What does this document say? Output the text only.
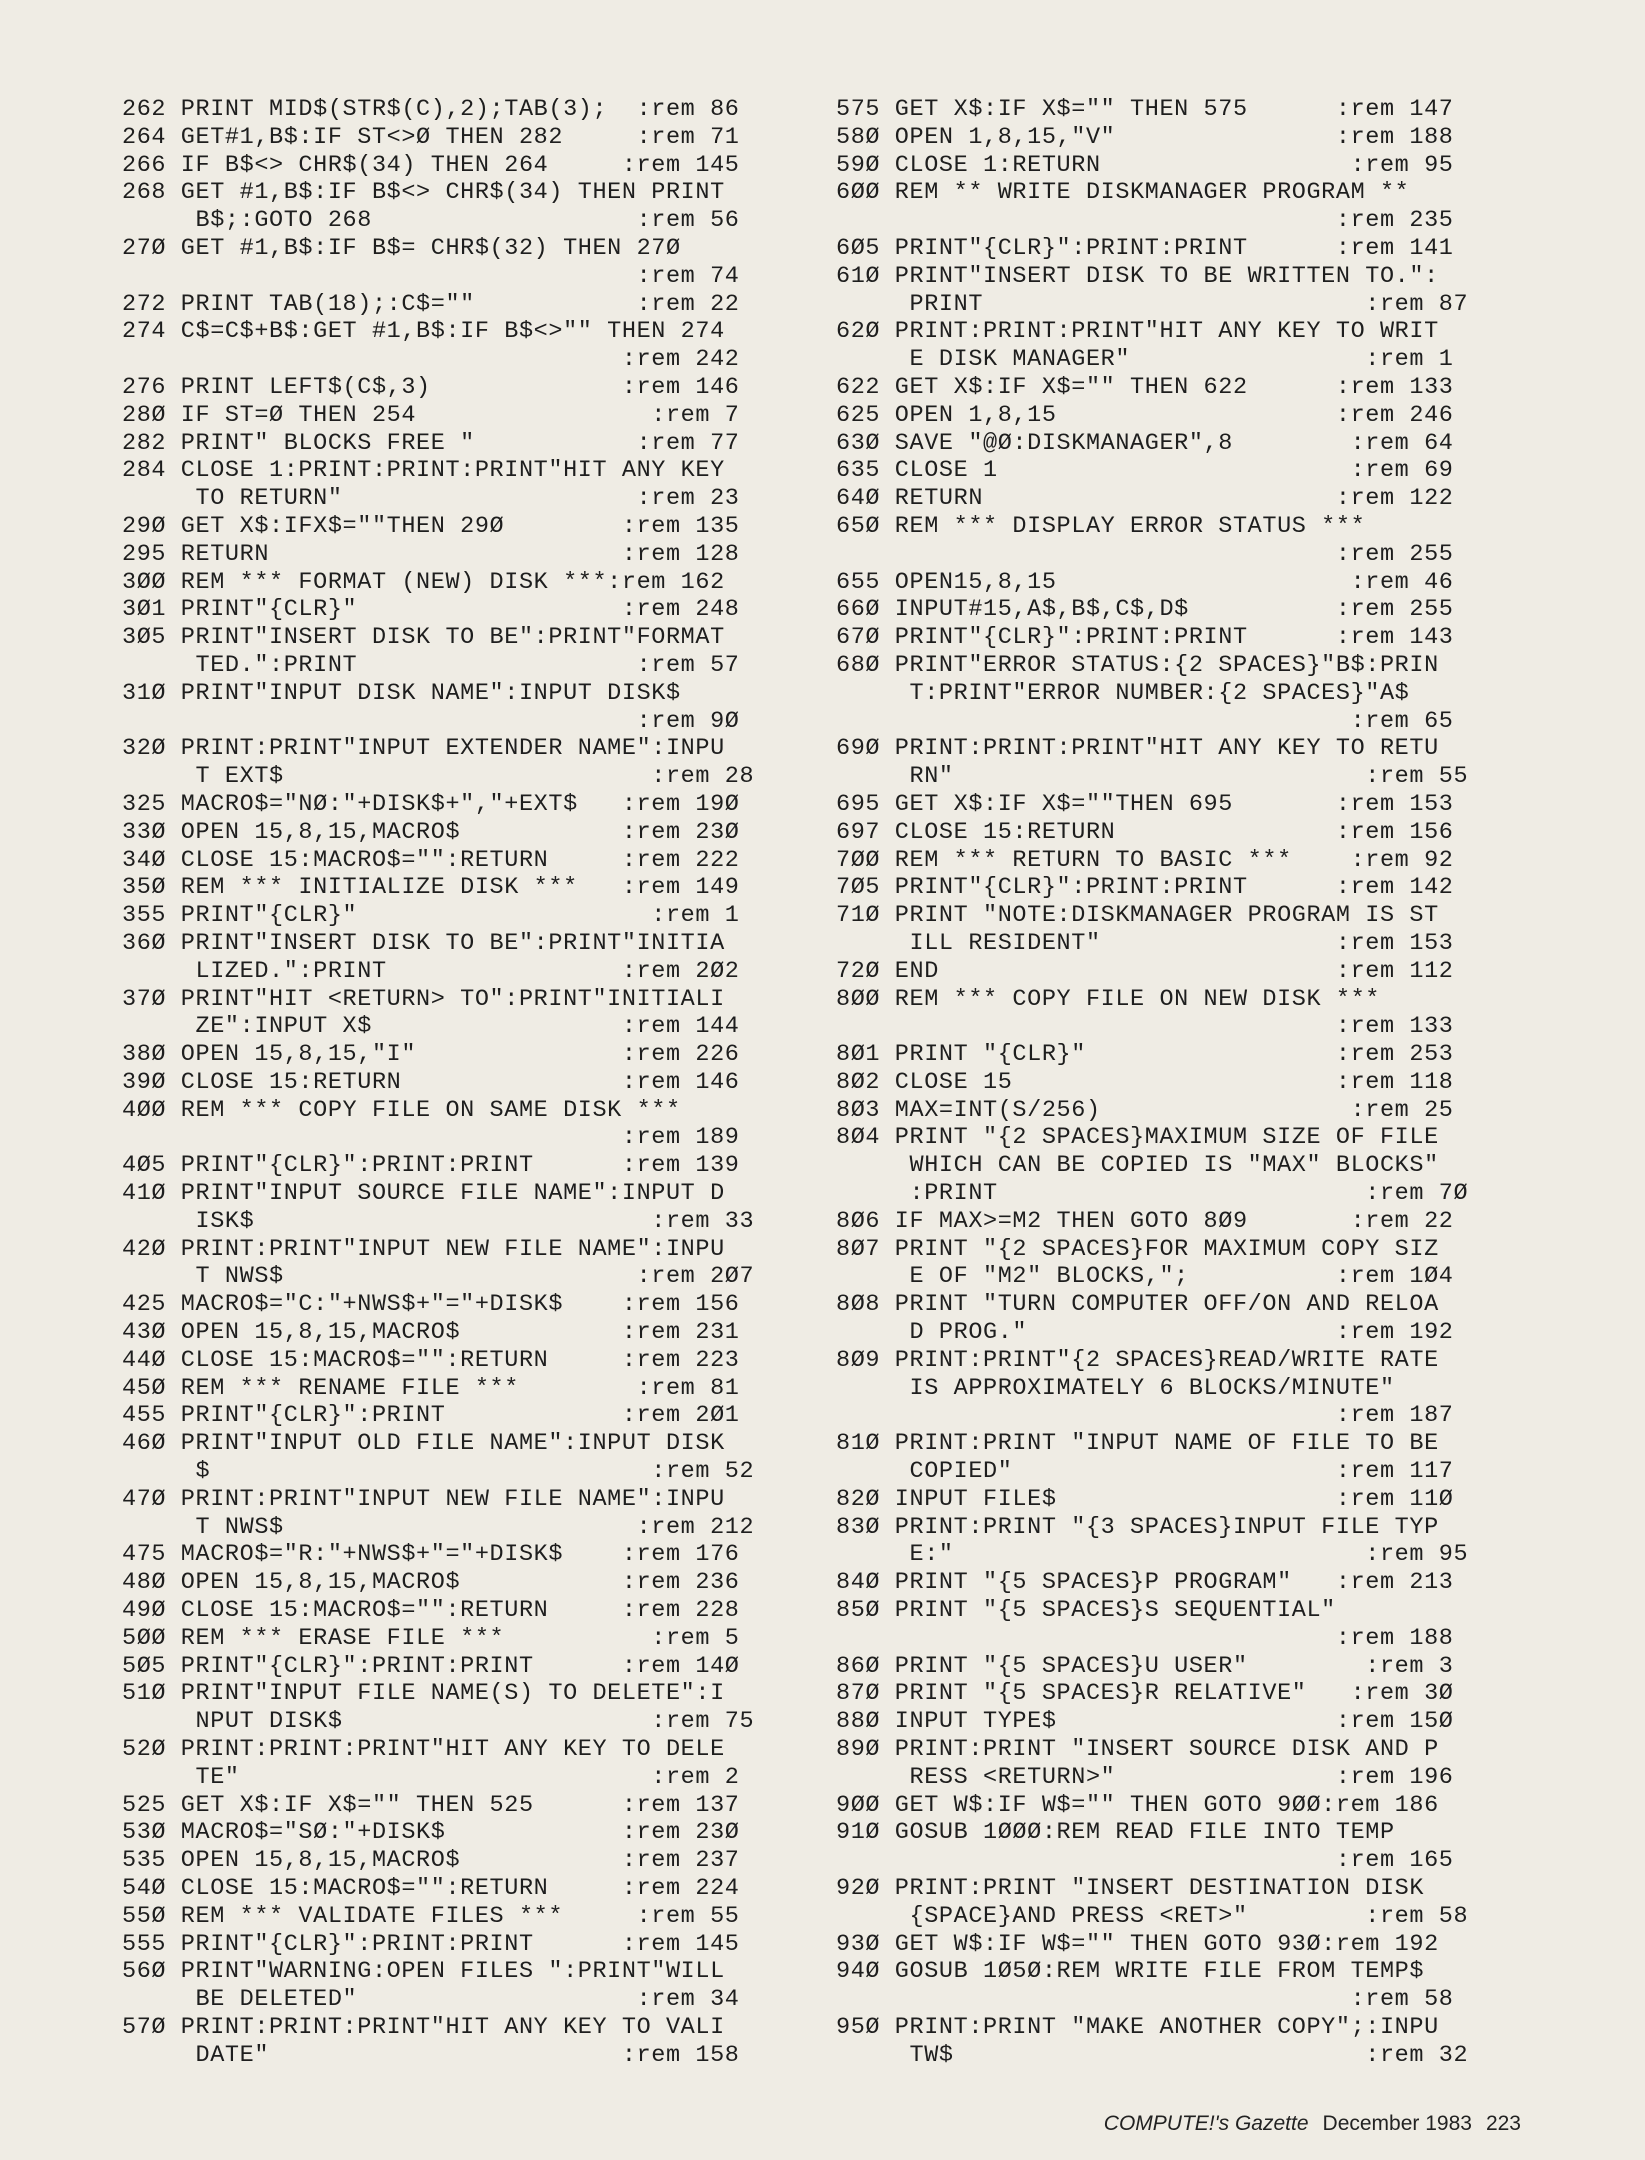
262 PRINT MID$(STR$(C),2);TAB(3);  :rem 86
264 GET#1,B$:IF ST<>Ø THEN 282     :rem 71
266 IF B$<> CHR$(34) THEN 264     :rem 145
268 GET #1,B$:IF B$<> CHR$(34) THEN PRINT
B$;:GOTO 268                  :rem 56
27Ø GET #1,B$:IF B$= CHR$(32) THEN 27Ø
:rem 74
272 PRINT TAB(18);:C$=""           :rem 22
274 C$=C$+B$:GET #1,B$:IF B$<>"" THEN 274
:rem 242
276 PRINT LEFT$(C$,3)             :rem 146
28Ø IF ST=Ø THEN 254                :rem 7
282 PRINT" BLOCKS FREE "           :rem 77
284 CLOSE 1:PRINT:PRINT:PRINT"HIT ANY KEY
TO RETURN"                    :rem 23
29Ø GET X$:IFX$=""THEN 29Ø        :rem 135
295 RETURN                        :rem 128
3ØØ REM *** FORMAT (NEW) DISK ***:rem 162
3Ø1 PRINT"{CLR}"                  :rem 248
3Ø5 PRINT"INSERT DISK TO BE":PRINT"FORMAT
TED.":PRINT                   :rem 57
31Ø PRINT"INPUT DISK NAME":INPUT DISK$
:rem 9Ø
32Ø PRINT:PRINT"INPUT EXTENDER NAME":INPU
T EXT$                         :rem 28
325 MACRO$="NØ:"+DISK$+","+EXT$   :rem 19Ø
33Ø OPEN 15,8,15,MACRO$           :rem 23Ø
34Ø CLOSE 15:MACRO$="":RETURN     :rem 222
35Ø REM *** INITIALIZE DISK ***   :rem 149
355 PRINT"{CLR}"                    :rem 1
36Ø PRINT"INSERT DISK TO BE":PRINT"INITIA
LIZED.":PRINT                :rem 2Ø2
37Ø PRINT"HIT <RETURN> TO":PRINT"INITIALI
ZE":INPUT X$                 :rem 144
38Ø OPEN 15,8,15,"I"              :rem 226
39Ø CLOSE 15:RETURN               :rem 146
4ØØ REM *** COPY FILE ON SAME DISK ***
:rem 189
4Ø5 PRINT"{CLR}":PRINT:PRINT      :rem 139
41Ø PRINT"INPUT SOURCE FILE NAME":INPUT D
ISK$                           :rem 33
42Ø PRINT:PRINT"INPUT NEW FILE NAME":INPU
T NWS$                        :rem 2Ø7
425 MACRO$="C:"+NWS$+"="+DISK$    :rem 156
43Ø OPEN 15,8,15,MACRO$           :rem 231
44Ø CLOSE 15:MACRO$="":RETURN     :rem 223
45Ø REM *** RENAME FILE ***        :rem 81
455 PRINT"{CLR}":PRINT            :rem 2Ø1
46Ø PRINT"INPUT OLD FILE NAME":INPUT DISK
$                              :rem 52
47Ø PRINT:PRINT"INPUT NEW FILE NAME":INPU
T NWS$                        :rem 212
475 MACRO$="R:"+NWS$+"="+DISK$    :rem 176
48Ø OPEN 15,8,15,MACRO$           :rem 236
49Ø CLOSE 15:MACRO$="":RETURN     :rem 228
5ØØ REM *** ERASE FILE ***          :rem 5
5Ø5 PRINT"{CLR}":PRINT:PRINT      :rem 14Ø
51Ø PRINT"INPUT FILE NAME(S) TO DELETE":I
NPUT DISK$                     :rem 75
52Ø PRINT:PRINT:PRINT"HIT ANY KEY TO DELE
TE"                            :rem 2
525 GET X$:IF X$="" THEN 525      :rem 137
53Ø MACRO$="SØ:"+DISK$            :rem 23Ø
535 OPEN 15,8,15,MACRO$           :rem 237
54Ø CLOSE 15:MACRO$="":RETURN     :rem 224
55Ø REM *** VALIDATE FILES ***     :rem 55
555 PRINT"{CLR}":PRINT:PRINT      :rem 145
56Ø PRINT"WARNING:OPEN FILES ":PRINT"WILL
BE DELETED"                   :rem 34
57Ø PRINT:PRINT:PRINT"HIT ANY KEY TO VALI
DATE"                        :rem 158
575 GET X$:IF X$="" THEN 575      :rem 147
58Ø OPEN 1,8,15,"V"               :rem 188
59Ø CLOSE 1:RETURN                 :rem 95
6ØØ REM ** WRITE DISKMANAGER PROGRAM **
:rem 235
6Ø5 PRINT"{CLR}":PRINT:PRINT      :rem 141
61Ø PRINT"INSERT DISK TO BE WRITTEN TO.":
PRINT                          :rem 87
62Ø PRINT:PRINT:PRINT"HIT ANY KEY TO WRIT
E DISK MANAGER"                :rem 1
622 GET X$:IF X$="" THEN 622      :rem 133
625 OPEN 1,8,15                   :rem 246
63Ø SAVE "@Ø:DISKMANAGER",8        :rem 64
635 CLOSE 1                        :rem 69
64Ø RETURN                        :rem 122
65Ø REM *** DISPLAY ERROR STATUS ***
:rem 255
655 OPEN15,8,15                    :rem 46
66Ø INPUT#15,A$,B$,C$,D$          :rem 255
67Ø PRINT"{CLR}":PRINT:PRINT      :rem 143
68Ø PRINT"ERROR STATUS:{2 SPACES}"B$:PRIN
T:PRINT"ERROR NUMBER:{2 SPACES}"A$
:rem 65
69Ø PRINT:PRINT:PRINT"HIT ANY KEY TO RETU
RN"                            :rem 55
695 GET X$:IF X$=""THEN 695       :rem 153
697 CLOSE 15:RETURN               :rem 156
7ØØ REM *** RETURN TO BASIC ***    :rem 92
7Ø5 PRINT"{CLR}":PRINT:PRINT      :rem 142
71Ø PRINT "NOTE:DISKMANAGER PROGRAM IS ST
ILL RESIDENT"                :rem 153
72Ø END                           :rem 112
8ØØ REM *** COPY FILE ON NEW DISK ***
:rem 133
8Ø1 PRINT "{CLR}"                 :rem 253
8Ø2 CLOSE 15                      :rem 118
8Ø3 MAX=INT(S/256)                 :rem 25
8Ø4 PRINT "{2 SPACES}MAXIMUM SIZE OF FILE
WHICH CAN BE COPIED IS "MAX" BLOCKS"
:PRINT                         :rem 7Ø
8Ø6 IF MAX>=M2 THEN GOTO 8Ø9       :rem 22
8Ø7 PRINT "{2 SPACES}FOR MAXIMUM COPY SIZ
E OF "M2" BLOCKS,";          :rem 1Ø4
8Ø8 PRINT "TURN COMPUTER OFF/ON AND RELOA
D PROG."                     :rem 192
8Ø9 PRINT:PRINT"{2 SPACES}READ/WRITE RATE
IS APPROXIMATELY 6 BLOCKS/MINUTE"
:rem 187
81Ø PRINT:PRINT "INPUT NAME OF FILE TO BE
COPIED"                      :rem 117
82Ø INPUT FILE$                   :rem 11Ø
83Ø PRINT:PRINT "{3 SPACES}INPUT FILE TYP
E:"                            :rem 95
84Ø PRINT "{5 SPACES}P PROGRAM"   :rem 213
85Ø PRINT "{5 SPACES}S SEQUENTIAL"
:rem 188
86Ø PRINT "{5 SPACES}U USER"        :rem 3
87Ø PRINT "{5 SPACES}R RELATIVE"   :rem 3Ø
88Ø INPUT TYPE$                   :rem 15Ø
89Ø PRINT:PRINT "INSERT SOURCE DISK AND P
RESS <RETURN>"               :rem 196
9ØØ GET W$:IF W$="" THEN GOTO 9ØØ:rem 186
91Ø GOSUB 1ØØØ:REM READ FILE INTO TEMP
:rem 165
92Ø PRINT:PRINT "INSERT DESTINATION DISK
{SPACE}AND PRESS <RET>"        :rem 58
93Ø GET W$:IF W$="" THEN GOTO 93Ø:rem 192
94Ø GOSUB 1Ø5Ø:REM WRITE FILE FROM TEMP$
:rem 58
95Ø PRINT:PRINT "MAKE ANOTHER COPY";:INPU
TW$                            :rem 32
COMPUTE!'s Gazette December 1983 223
